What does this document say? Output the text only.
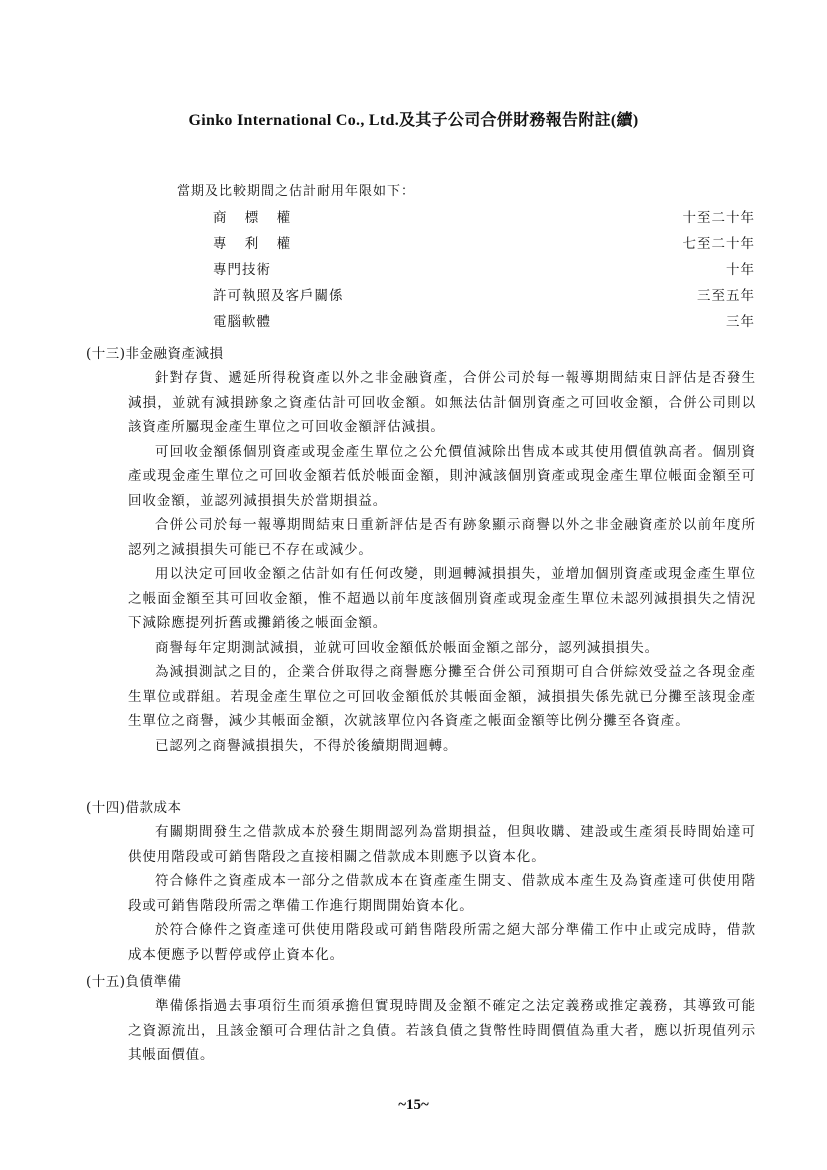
Ginko International Co., Ltd.及其子公司合併財務報告附註(續)
當期及比較期間之估計耐用年限如下：
商 標 權	十至二十年
專 利 權	七至二十年
專門技術	十年
許可執照及客戶關係	三至五年
電腦軟體	三年
(十三)非金融資產減損

針對存貨、遞延所得稅資產以外之非金融資產，合併公司於每一報導期間結束日評估是否發生減損，並就有減損跡象之資產估計可回收金額。如無法估計個別資產之可回收金額，合併公司則以該資產所屬現金產生單位之可回收金額評估減損。

可回收金額係個別資產或現金產生單位之公允價值減除出售成本或其使用價值孰高者。個別資產或現金產生單位之可回收金額若低於帳面金額，則沖減該個別資產或現金產生單位帳面金額至可回收金額，並認列減損損失於當期損益。

合併公司於每一報導期間結束日重新評估是否有跡象顯示商譽以外之非金融資產於以前年度所認列之減損損失可能已不存在或減少。

用以決定可回收金額之估計如有任何改變，則迴轉減損損失，並增加個別資產或現金產生單位之帳面金額至其可回收金額，惟不超過以前年度該個別資產或現金產生單位未認列減損損失之情況下減除應提列折舊或攤銷後之帳面金額。

商譽每年定期測試減損，並就可回收金額低於帳面金額之部分，認列減損損失。

為減損測試之目的，企業合併取得之商譽應分攤至合併公司預期可自合併綜效受益之各現金產生單位或群組。若現金產生單位之可回收金額低於其帳面金額，減損損失係先就已分攤至該現金產生單位之商譽，減少其帳面金額，次就該單位內各資產之帳面金額等比例分攤至各資產。

已認列之商譽減損損失，不得於後續期間迴轉。

(十四)借款成本

有關期間發生之借款成本於發生期間認列為當期損益，但與收購、建設或生產須長時間始達可供使用階段或可銷售階段之直接相關之借款成本則應予以資本化。

符合條件之資產成本一部分之借款成本在資產產生開支、借款成本產生及為資產達可供使用階段或可銷售階段所需之準備工作進行期間開始資本化。

於符合條件之資產達可供使用階段或可銷售階段所需之絕大部分準備工作中止或完成時，借款成本便應予以暫停或停止資本化。

(十五)負債準備

準備係指過去事項衍生而須承擔但實現時間及金額不確定之法定義務或推定義務，其導致可能之資源流出，且該金額可合理估計之負債。若該負債之貨幣性時間價值為重大者，應以折現值列示其帳面價值。

~15~
